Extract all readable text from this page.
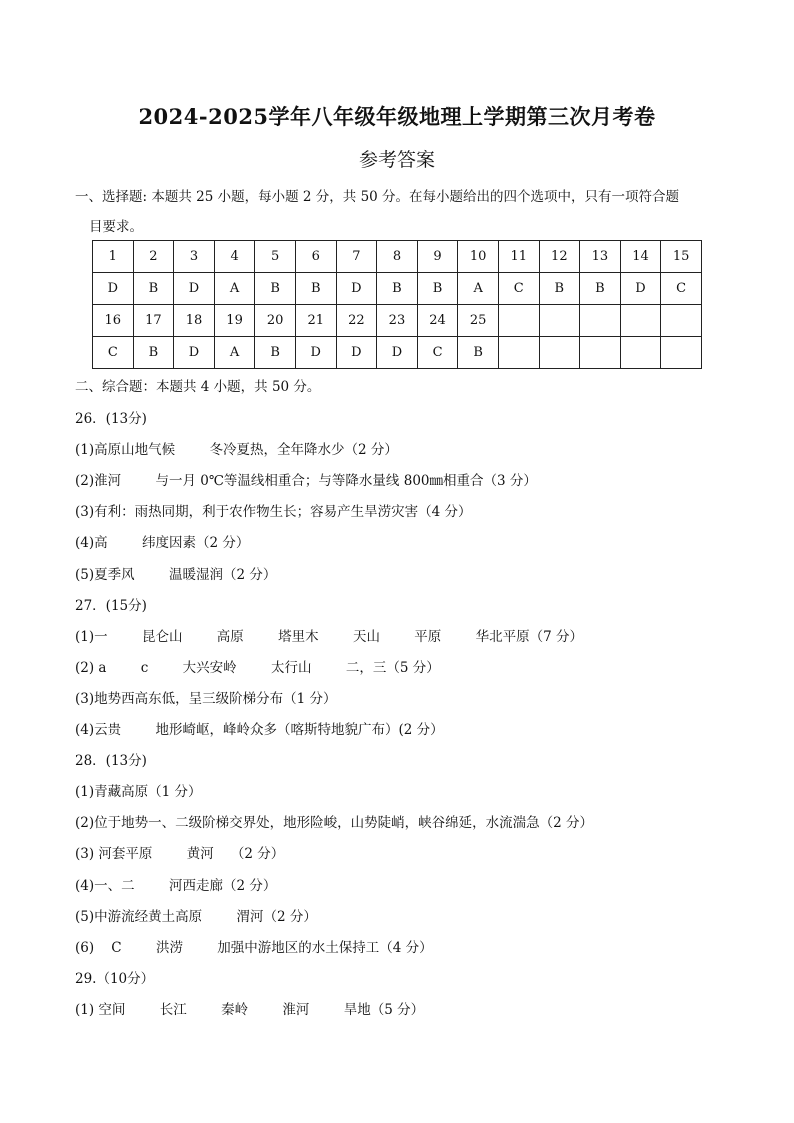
2024-2025学年八年级年级地理上学期第三次月考卷
参考答案
一、选择题: 本题共 25 小题，每小题 2 分，共 50 分。在每小题给出的四个选项中，只有一项符合题
目要求。
1	2	3	4	5	6	7	8	9	10	11	12	13	14	15
D	B	D	A	B	B	D	B	B	A	C	B	B	D	C
16	17	18	19	20	21	22	23	24	25					
C	B	D	A	B	D	D	D	C	B					
二、综合题：本题共 4 小题，共 50 分。
26．(13分)
(1)高原山地气候        冬冷夏热，全年降水少（2 分）
(2)淮河        与一月 0℃等温线相重合；与等降水量线 800㎜相重合（3 分）
(3)有利：雨热同期，利于农作物生长；容易产生旱涝灾害（4 分）
(4)高        纬度因素（2 分）
(5)夏季风        温暖湿润（2 分）
27．(15分)
(1)一        昆仑山        高原        塔里木        天山        平原        华北平原（7 分）
(2) a        c        大兴安岭        太行山        二，三（5 分）
(3)地势西高东低，呈三级阶梯分布（1 分）
(4)云贵        地形崎岖，峰岭众多（喀斯特地貌广布）(2 分）
28．(13分)
(1)青藏高原（1 分）
(2)位于地势一、二级阶梯交界处，地形险峻，山势陡峭，峡谷绵延，水流湍急（2 分）
(3) 河套平原        黄河    （2 分）
(4)一、二        河西走廊（2 分）
(5)中游流经黄土高原        渭河（2 分）
(6)    C        洪涝        加强中游地区的水土保持工（4 分）
29.（10分）
(1) 空间        长江        秦岭        淮河        旱地（5 分）
